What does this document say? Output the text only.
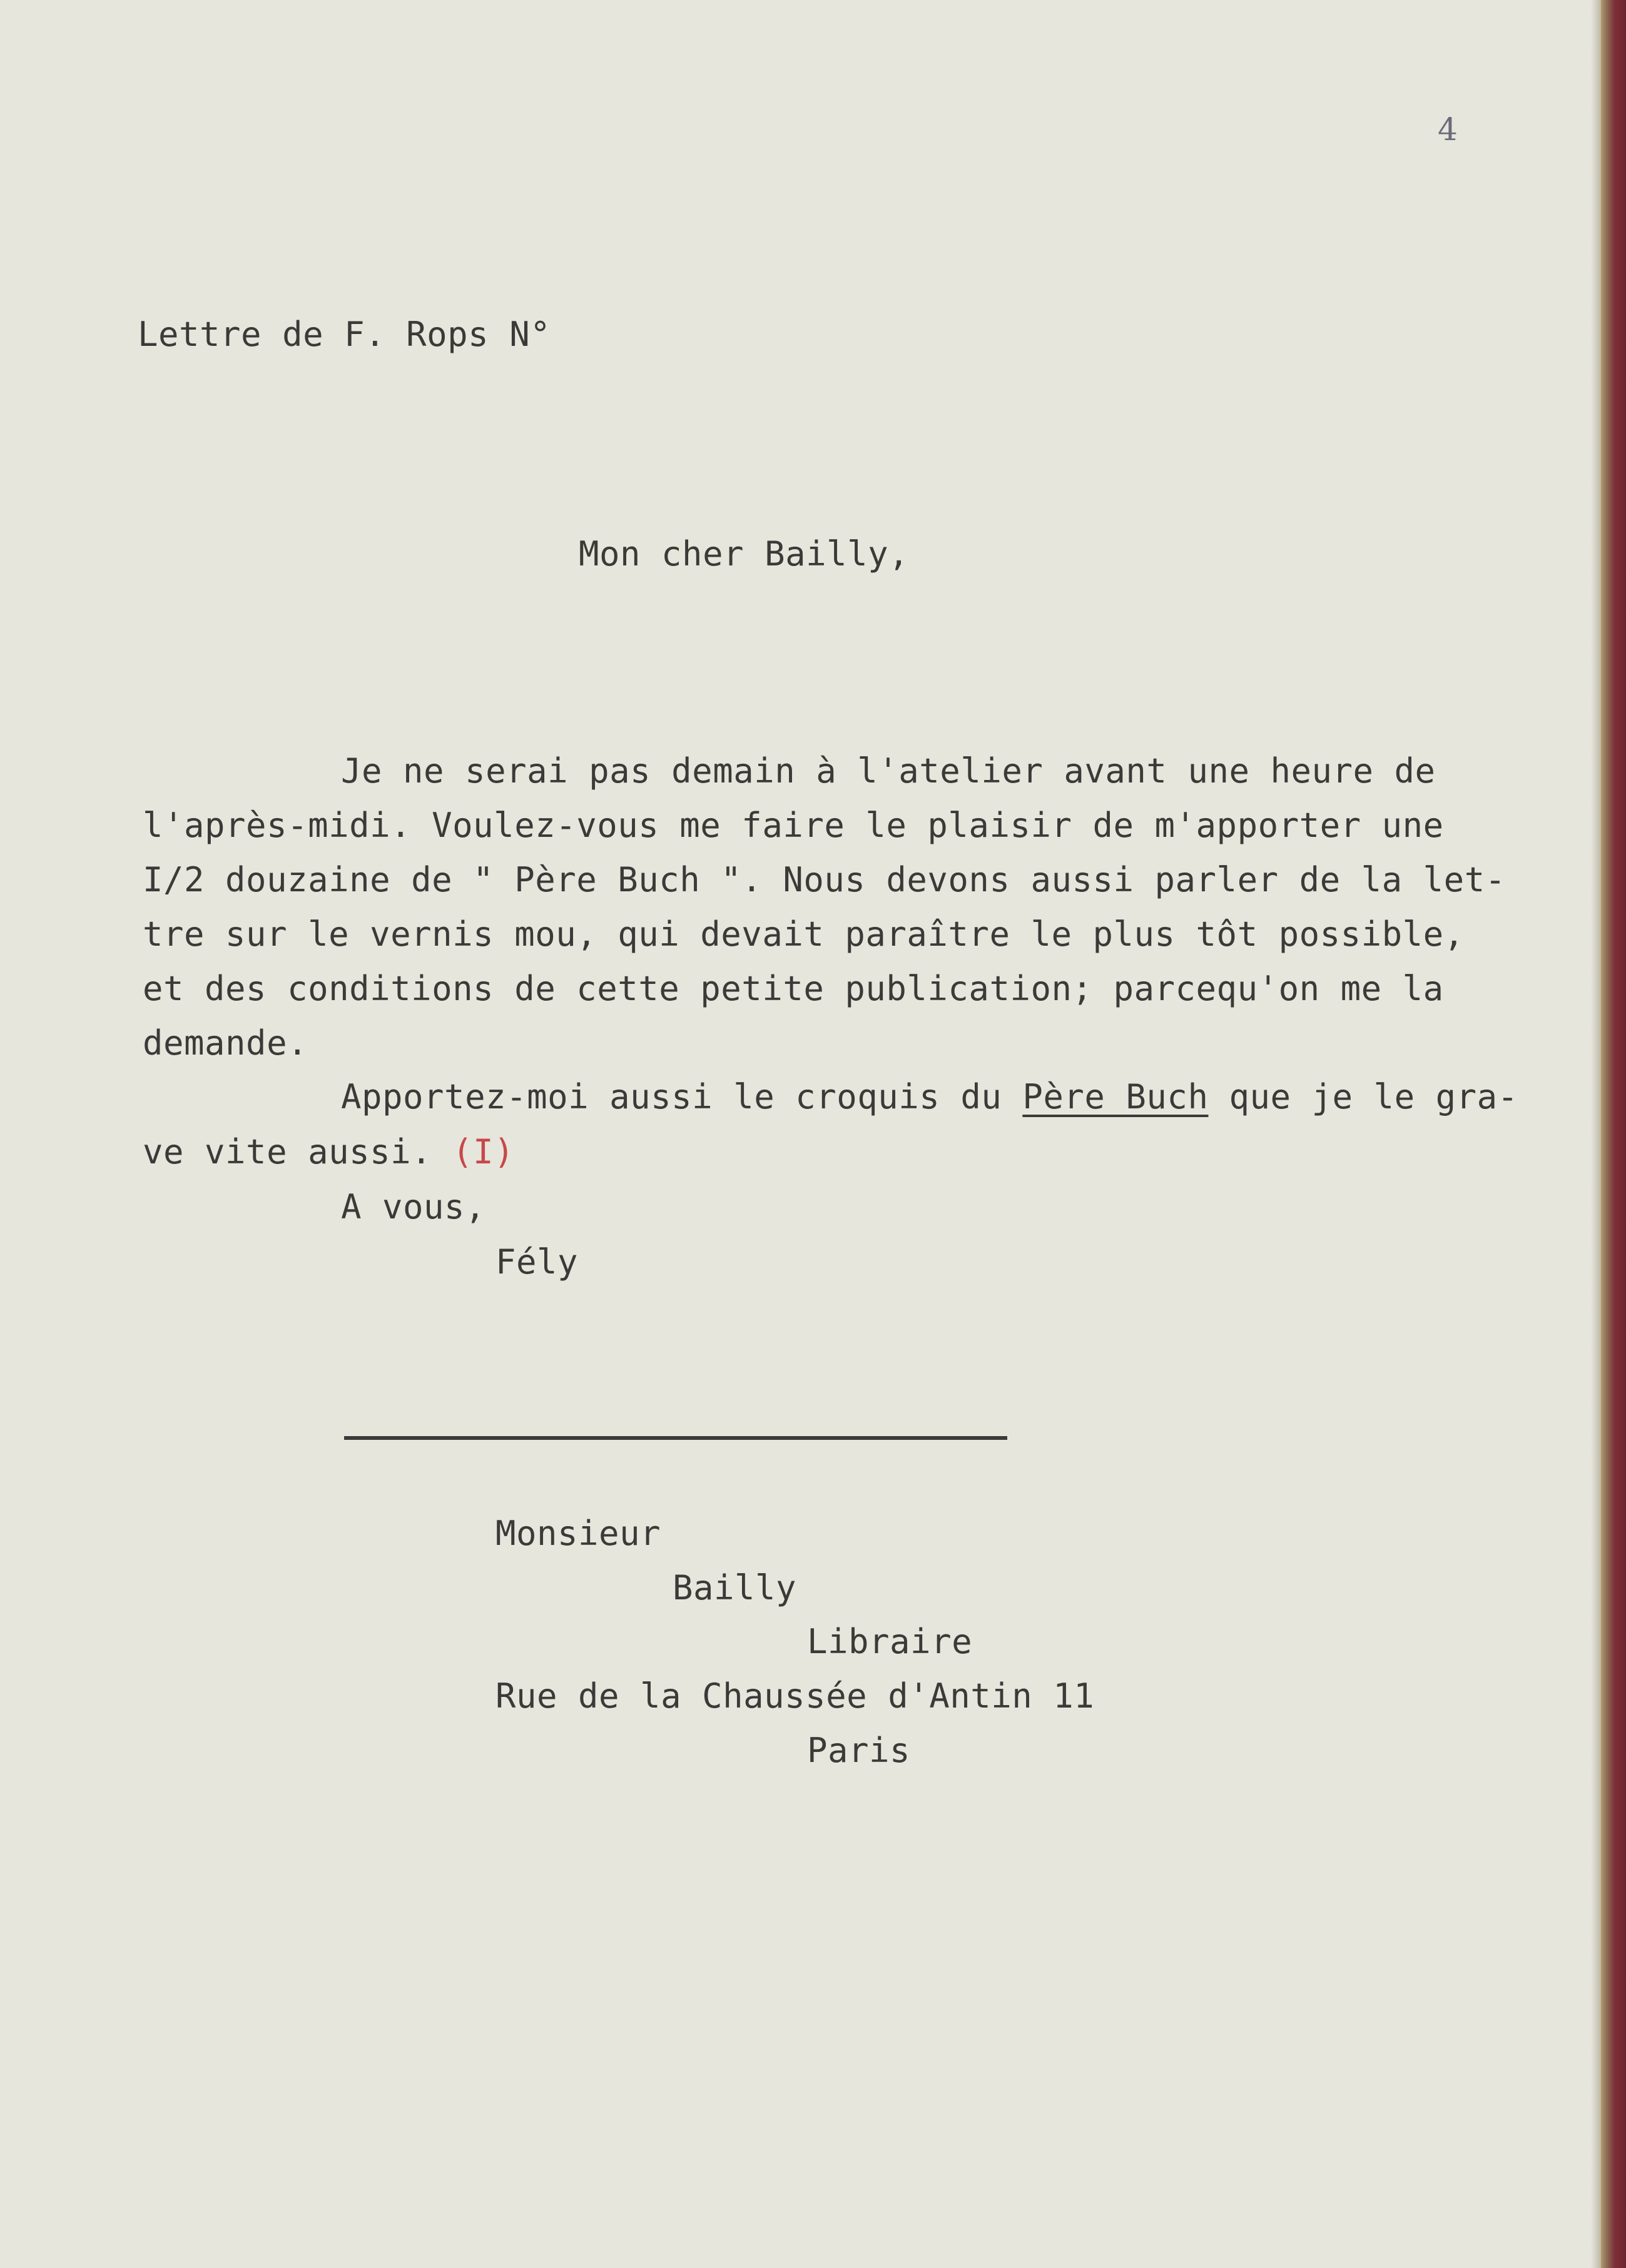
4

Lettre de F. Rops N°

Mon cher Bailly,

Je ne serai pas demain à l'atelier avant une heure de

l'après-midi. Voulez-vous me faire le plaisir de m'apporter une

I/2 douzaine de " Père Buch ". Nous devons aussi parler de la let-

tre sur le vernis mou, qui devait paraître le plus tôt possible,

et des conditions de cette petite publication; parcequ'on me la

demande.

Apportez-moi aussi le croquis du Père Buch que je le gra-

ve vite aussi. (I)

A vous,

Fély

Monsieur

Bailly

Libraire

Rue de la Chaussée d'Antin 11

Paris
